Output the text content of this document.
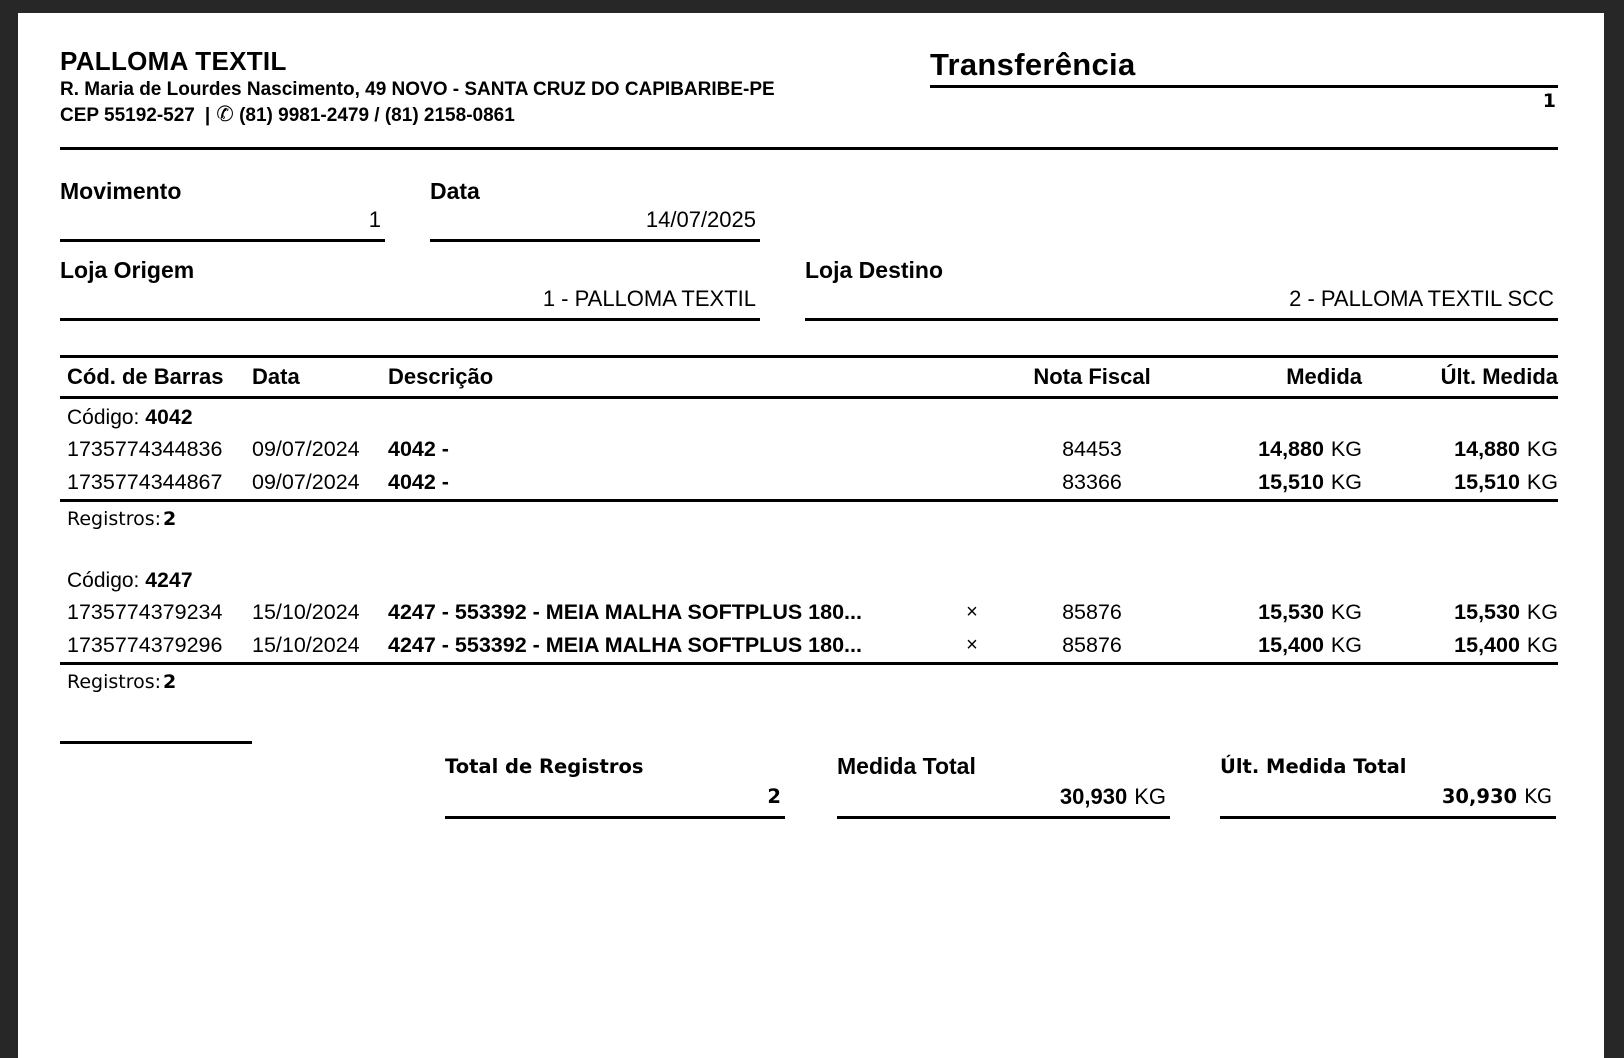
PALLOMA TEXTIL
R. Maria de Lourdes Nascimento, 49 NOVO - SANTA CRUZ DO CAPIBARIBE-PE
CEP 55192-527 | ✆ (81) 9981-2479 / (81) 2158-0861
Transferência
1
Movimento
1
Data
14/07/2025
Loja Origem
1 - PALLOMA TEXTIL
Loja Destino
2 - PALLOMA TEXTIL SCC
Cód. de Barras	Data	Descrição	Nota Fiscal	Medida	Últ. Medida
Código: 4042
1735774344836	09/07/2024	4042 -	84453	14,880 KG	14,880 KG
1735774344867	09/07/2024	4042 -	83366	15,510 KG	15,510 KG
Registros: 2
Código: 4247
1735774379234	15/10/2024	4247 - 553392 - MEIA MALHA SOFTPLUS 180...	×	85876	15,530 KG	15,530 KG
1735774379296	15/10/2024	4247 - 553392 - MEIA MALHA SOFTPLUS 180...	×	85876	15,400 KG	15,400 KG
Registros: 2
Total de Registros
2
Medida Total
30,930 KG
Últ. Medida Total
30,930 KG
